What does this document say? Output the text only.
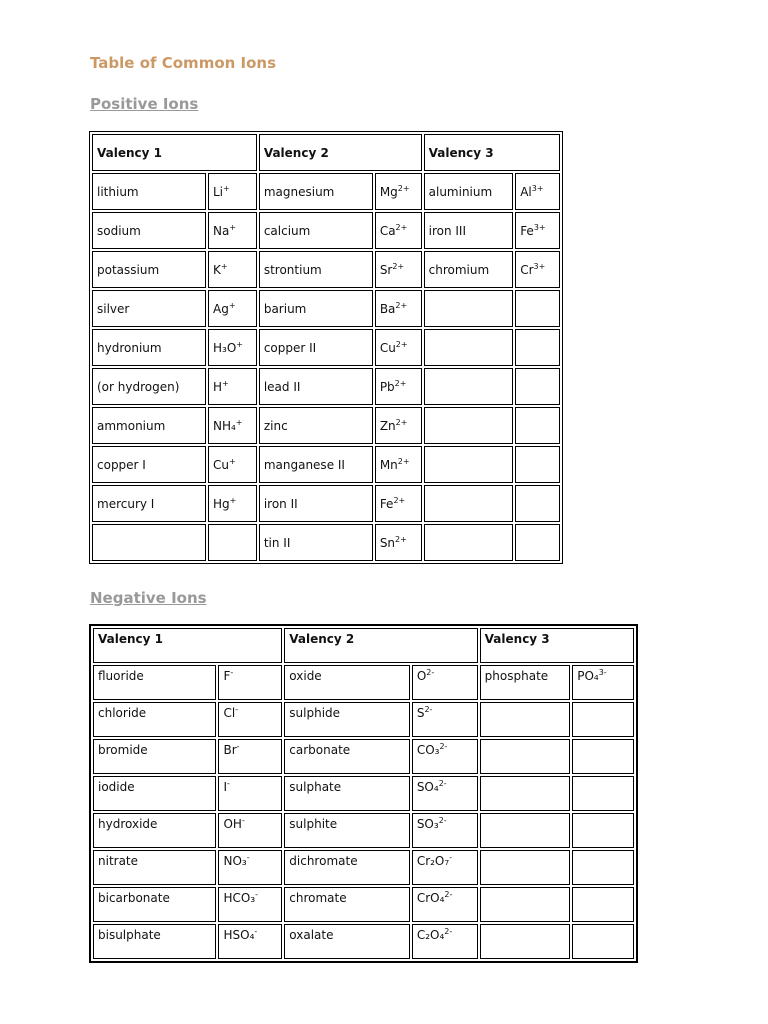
Table of Common Ions
Positive Ions
Valency 1		Valency 2		Valency 3	
lithium	Li+	magnesium	$Mg^{2+}$	aluminium	$Al^{3+}$
sodium	Na+	calcium	$Ca^{2+}$	iron III	$Fe^{3+}$
potassium	K+	strontium	$Sr^{2+}$	chromium	$Cr^{3+}$
silver	Ag+	barium	$Ba^{2+}$		
hydronium	H₃O+	copper II	$Cu^{2+}$		
(or hydrogen)	H+	lead II	$Pb^{2+}$		
ammonium	NH₄+	zinc	$Zn^{2+}$		
copper I	Cu+	manganese II	$Mn^{2+}$		
mercury I	Hg+	iron II	$Fe^{2+}$		
		tin II	$Sn^{2+}$		
Negative Ions
Valency 1		Valency 2		Valency 3	
fluoride	F-	oxide	$O^{2-}$	phosphate	PO₄$^{3-}$
chloride	Cl-	sulphide	$S^{2-}$		
bromide	Br-	carbonate	CO₃$^{2-}$		
iodide	I-	sulphate	SO₄$^{2-}$		
hydroxide	OH-	sulphite	SO₃$^{2-}$		
nitrate	NO₃-	dichromate	Cr₂O₇-		
bicarbonate	HCO₃-	chromate	CrO₄$^{2-}$		
bisulphate	HSO₄-	oxalate	C₂O₄$^{2-}$		
